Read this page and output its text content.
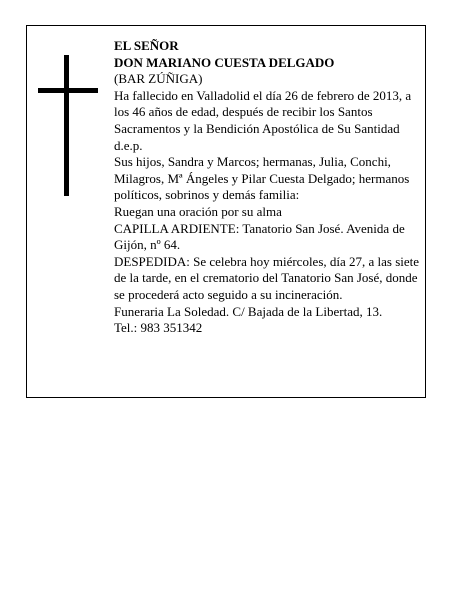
EL SEÑOR

DON MARIANO CUESTA DELGADO

(BAR ZÚÑIGA)

Ha fallecido en Valladolid el día 26 de febrero de 2013, a los 46 años de edad, después de recibir los Santos Sacramentos y la Bendición Apostólica de Su Santidad

d.e.p.

Sus hijos, Sandra y Marcos; hermanas, Julia, Conchi, Milagros, Mª Ángeles y Pilar Cuesta Delgado; hermanos políticos, sobrinos y demás familia:

Ruegan una oración por su alma

CAPILLA ARDIENTE: Tanatorio San José. Avenida de Gijón, nº 64.

DESPEDIDA: Se celebra hoy miércoles, día 27, a las siete de la tarde, en el crematorio del Tanatorio San José, donde se procederá acto seguido a su incineración.

Funeraria La Soledad. C/ Bajada de la Libertad, 13.

Tel.: 983 351342
